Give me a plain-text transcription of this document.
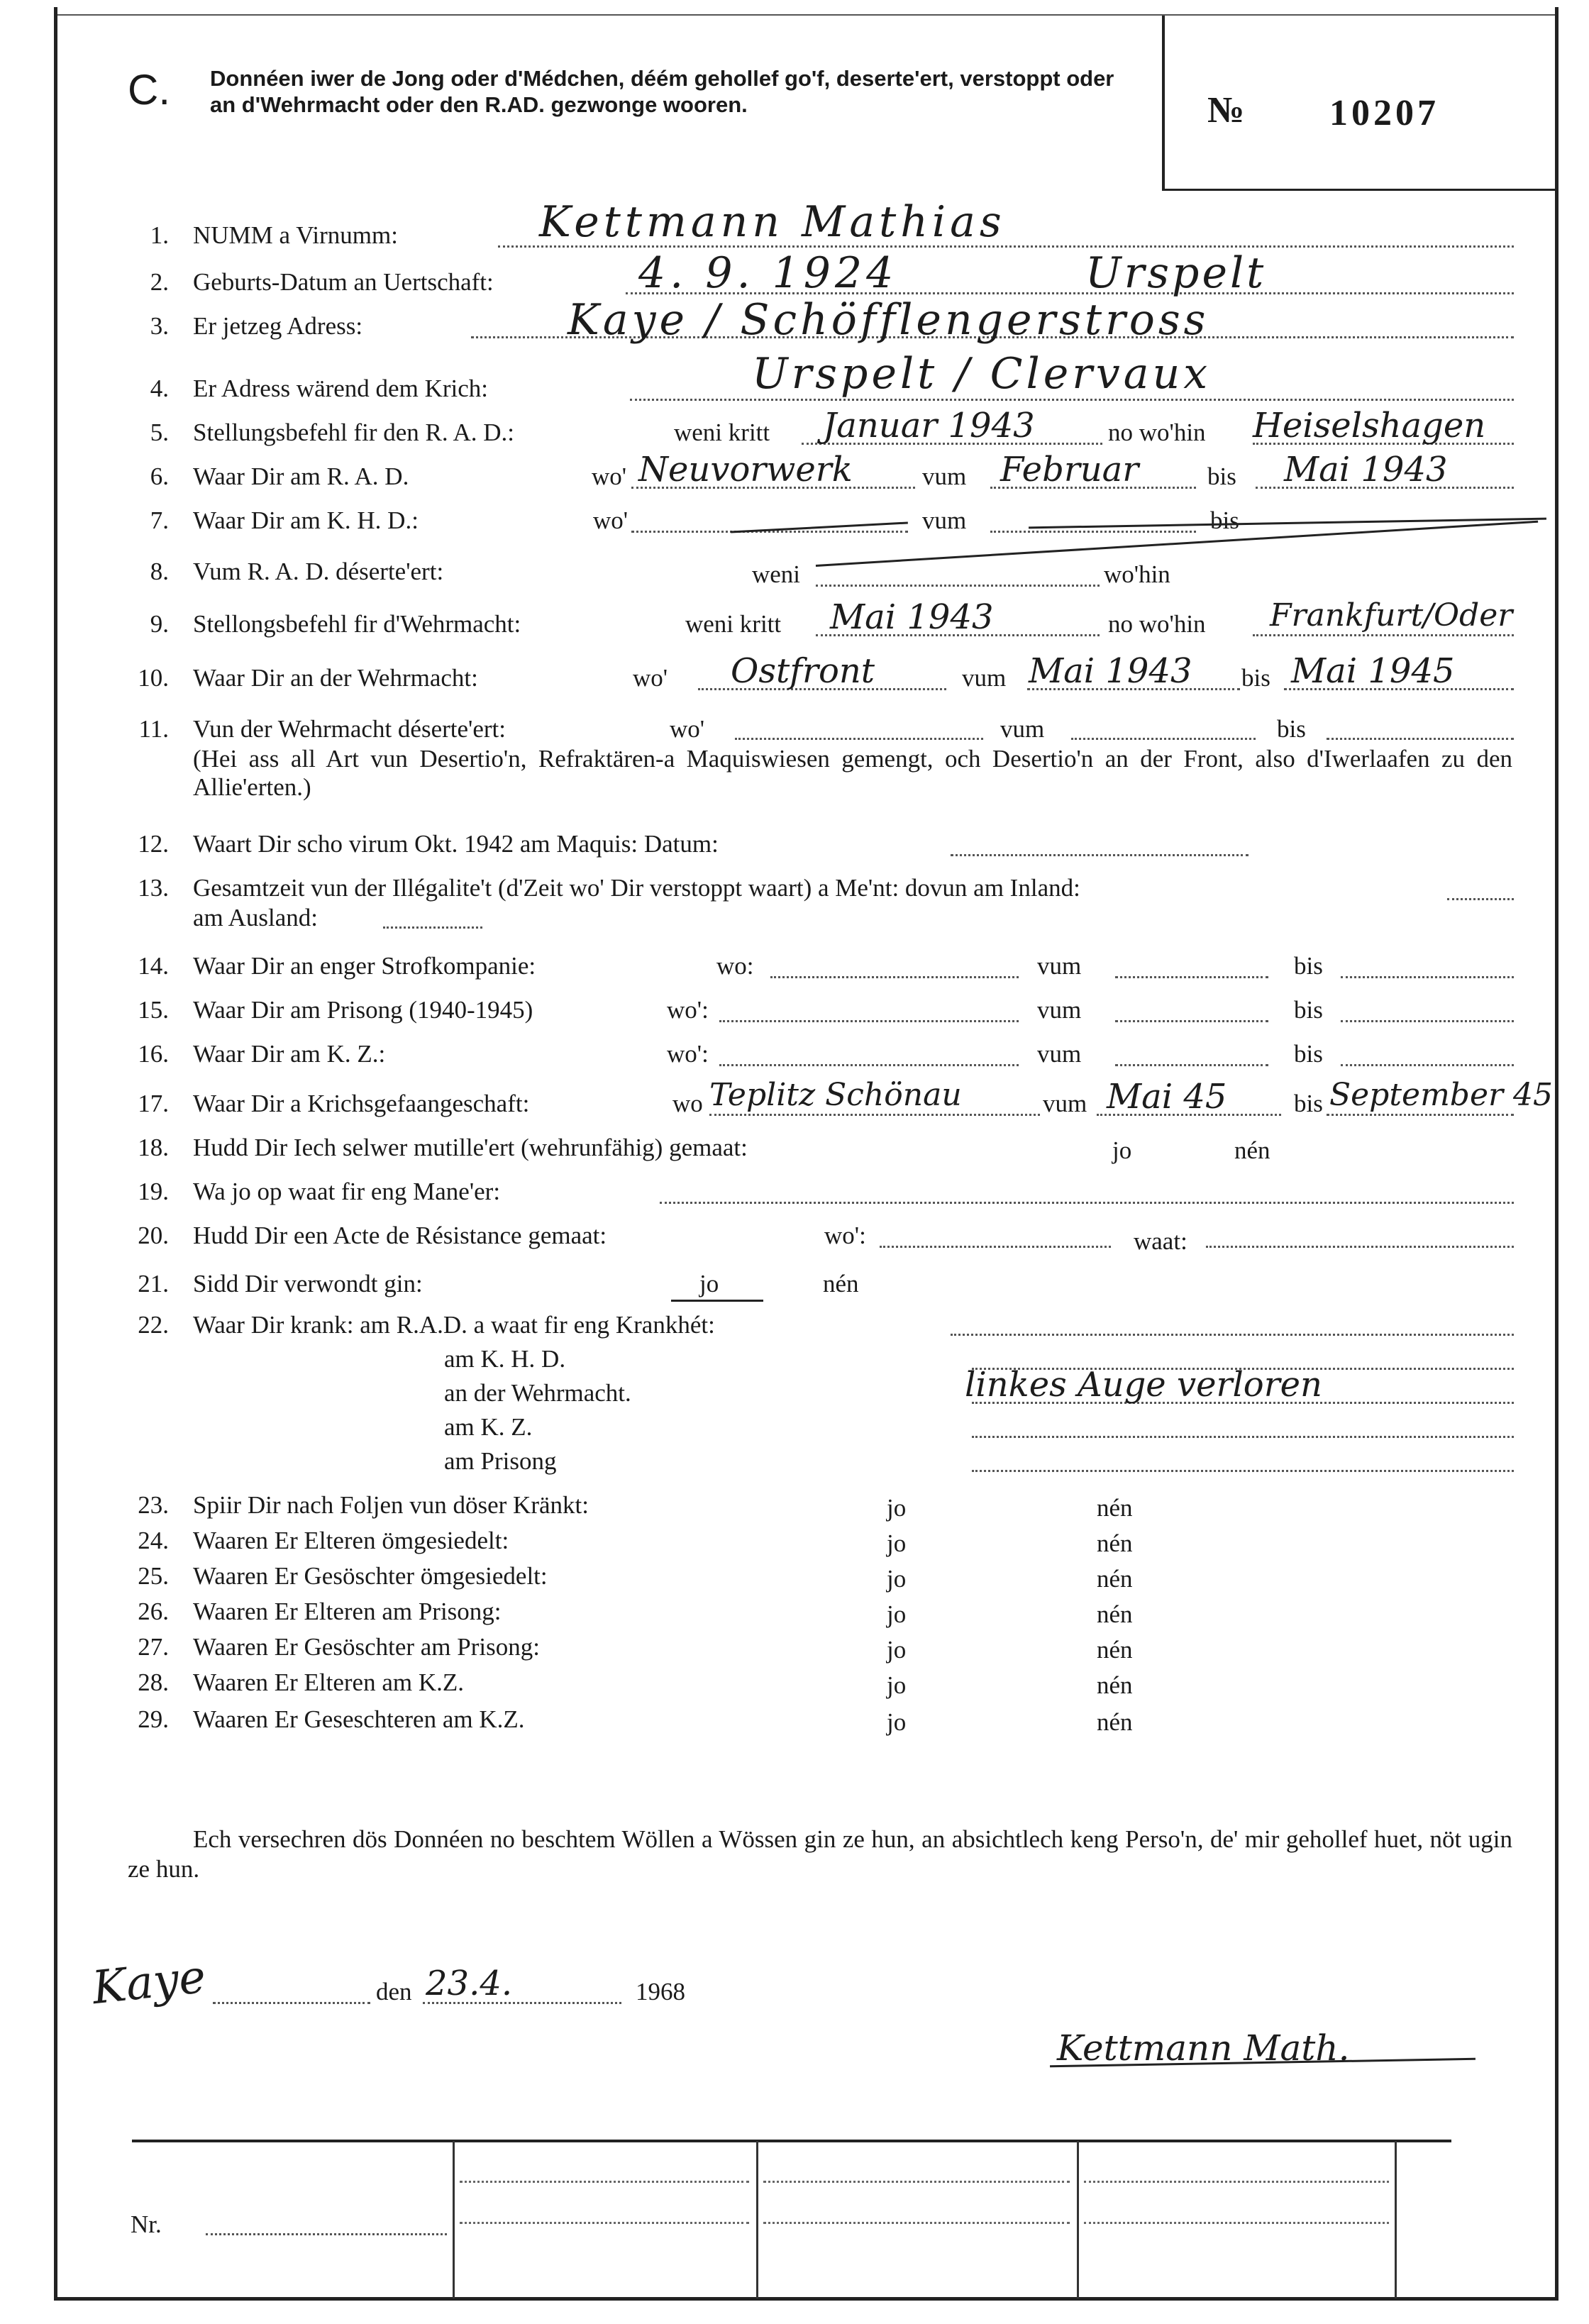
C. Donnéen iwer de Jong oder d'Médchen, déém gehollef go'f, deserte'ert, verstoppt oder an d'Wehrmacht oder den R.AD. gezwonge wooren.	№ 10207
1. NUMM a Virnumm:	Kettmann Mathias
2. Geburts-Datum an Uertschaft:	4. 9. 1924	Urspelt
3. Er jetzeg Adress:	Kaye / Schöfflengerstross
4. Er Adress wärend dem Krich:	Urspelt / Clervaux
5. Stellungsbefehl fir den R. A. D.:	weni kritt Januar 1943	no wo'hin Heiselshagen
6. Waar Dir am R. A. D.	wo' Neuvorwerk	vum Februar	bis Mai 1943
7. Waar Dir am K. H. D.:	wo'	vum	bis
8. Vum R. A. D. déserte'ert:	weni	wo'hin
9. Stellongsbefehl fir d'Wehrmacht:	weni kritt Mai 1943	no wo'hin Frankfurt/Oder
10. Waar Dir an der Wehrmacht:	wo' Ostfront	vum Mai 1943 bis Mai 1945
11. Vun der Wehrmacht déserte'ert:	wo'	vum	bis
(Hei ass all Art vun Desertio'n, Refraktären-a Maquiswiesen gemengt, och Desertio'n an der Front, also d'Iwerlaafen zu den Allie'erten.)
12. Waart Dir scho virum Okt. 1942 am Maquis: Datum:
13. Gesamtzeit vun der Illégalite't (d'Zeit wo' Dir verstoppt waart) a Me'nt: dovun am Inland:
am Ausland:
14. Waar Dir an enger Strofkompanie:	wo:	vum	bis
15. Waar Dir am Prisong (1940-1945)	wo':	vum	bis
16. Waar Dir am K. Z.:	wo':	vum	bis
17. Waar Dir a Krichsgefaangeschaft:	wo Teplitz Schönau	vum Mai 45	bis September 45
18. Hudd Dir Iech selwer mutille'ert (wehrunfähig) gemaat:	jo	nén
19. Wa jo op waat fir eng Mane'er:
20. Hudd Dir een Acte de Résistance gemaat:	wo':	waat:
21. Sidd Dir verwondt gin:	jo	nén
22. Waar Dir krank: am R.A.D. a waat fir eng Krankhét:
am K. H. D.
an der Wehrmacht.	linkes Auge verloren
am K. Z.
am Prisong
23. Spiir Dir nach Foljen vun döser Kränkt:	jo	nén
24. Waaren Er Elteren ömgesiedelt:	jo	nén
25. Waaren Er Gesöschter ömgesiedelt:	jo	nén
26. Waaren Er Elteren am Prisong:	jo	nén
27. Waaren Er Gesöschter am Prisong:	jo	nén
28. Waaren Er Elteren am K.Z.	jo	nén
29. Waaren Er Geseschteren am K.Z.	jo	nén
Ech versechren dös Donnéen no beschtem Wöllen a Wössen gin ze hun, an absichtlech keng Perso'n, de' mir gehollef huet, nöt ugin ze hun.
Kaye	den 23.4.	1968
Kettmann Math.
Nr.
